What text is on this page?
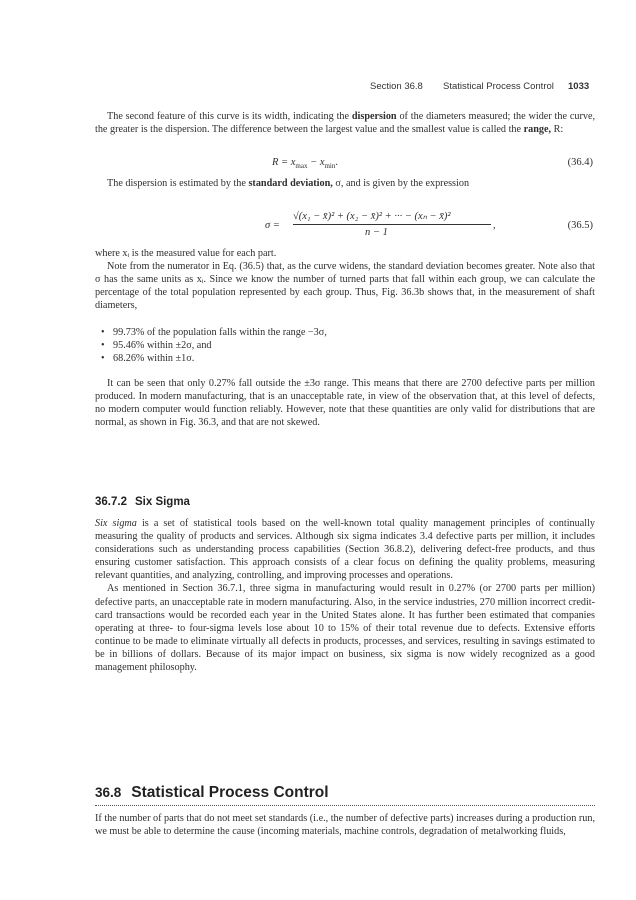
Section 36.8 Statistical Process Control 1033

The second feature of this curve is its width, indicating the dispersion of the diameters measured; the wider the curve, the greater is the dispersion. The difference between the largest value and the smallest value is called the range, R:

$R = x_{max} - x_{min}$.	(36.4)

The dispersion is estimated by the standard deviation, σ, and is given by the expression

σ =
√(x₁ − x̄)² + (x₂ − x̄)² + ··· − (xₙ − x̄)²
n − 1
,	(36.5)

where xᵢ is the measured value for each part.

Note from the numerator in Eq. (36.5) that, as the curve widens, the standard deviation becomes greater. Note also that σ has the same units as xᵢ. Since we know the number of turned parts that fall within each group, we can calculate the percentage of the total population represented by each group. Thus, Fig. 36.3b shows that, in the measurement of shaft diameters,

• 99.73% of the population falls within the range −3σ,
• 95.46% within ±2σ, and
• 68.26% within ±1σ.

It can be seen that only 0.27% fall outside the ±3σ range. This means that there are 2700 defective parts per million produced. In modern manufacturing, that is an unacceptable rate, in view of the observation that, at this level of defects, no modern computer would function reliably. However, note that these quantities are only valid for distributions that are normal, as shown in Fig. 36.3, and that are not skewed.

36.7.2 Six Sigma

Six sigma is a set of statistical tools based on the well-known total quality management principles of continually measuring the quality of products and services. Although six sigma indicates 3.4 defective parts per million, it includes considerations such as understanding process capabilities (Section 36.8.2), delivering defect-free products, and thus ensuring customer satisfaction. This approach consists of a clear focus on defining the quality problems, measuring relevant quantities, and analyzing, controlling, and improving processes and operations.

As mentioned in Section 36.7.1, three sigma in manufacturing would result in 0.27% (or 2700 parts per million) defective parts, an unacceptable rate in modern manufacturing. Also, in the service industries, 270 million incorrect credit-card transactions would be recorded each year in the United States alone. It has further been estimated that companies operating at three- to four-sigma levels lose about 10 to 15% of their total revenue due to defects. Extensive efforts continue to be made to eliminate virtually all defects in products, processes, and services, resulting in savings estimated to be in billions of dollars. Because of its major impact on business, six sigma is now widely recognized as a good management philosophy.

36.8 Statistical Process Control

If the number of parts that do not meet set standards (i.e., the number of defective parts) increases during a production run, we must be able to determine the cause (incoming materials, machine controls, degradation of metalworking fluids,
